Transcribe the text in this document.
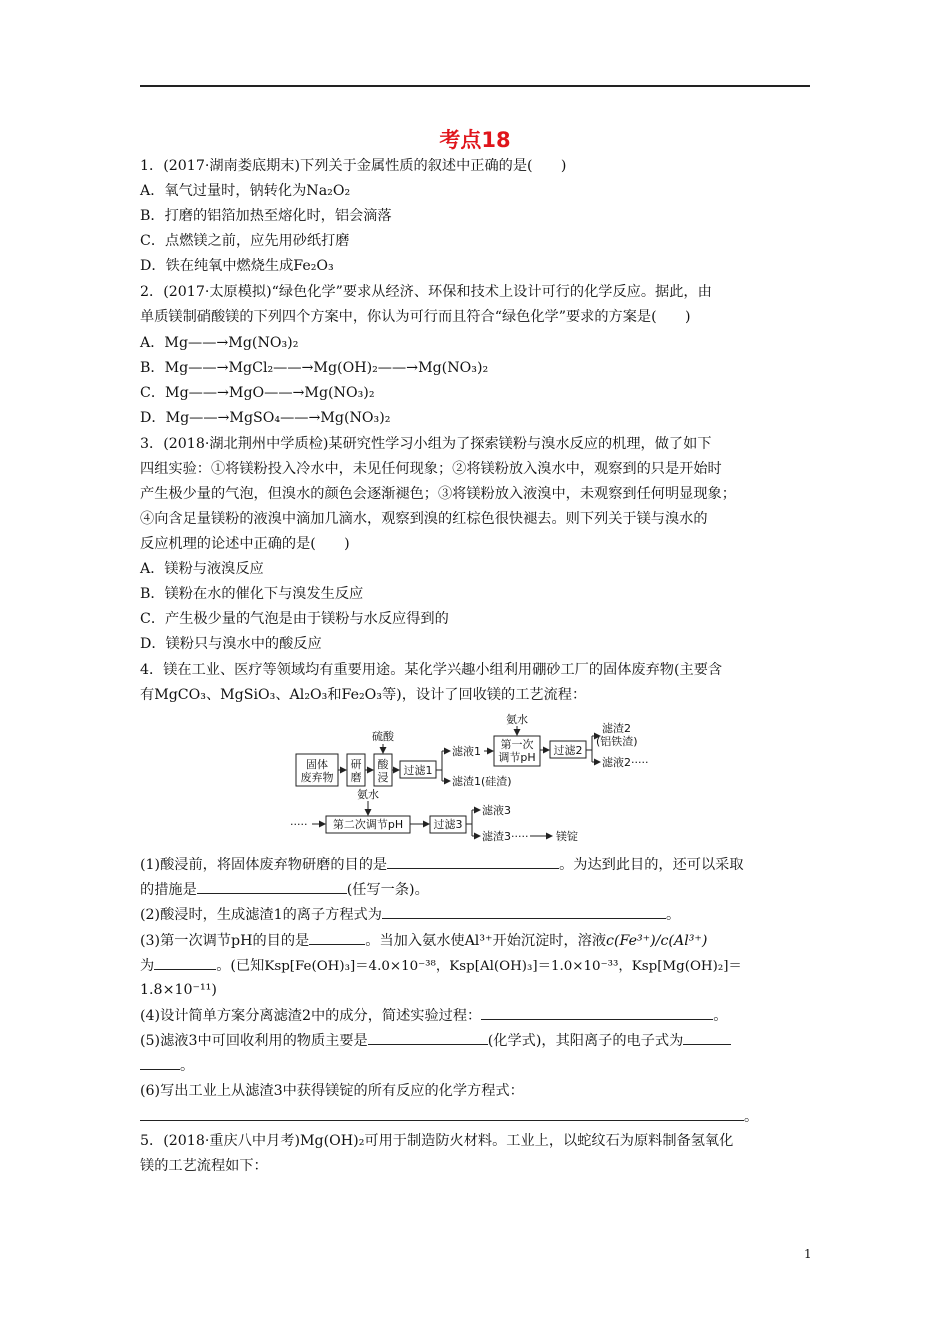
考点18
1．(2017·湖南娄底期末)下列关于金属性质的叙述中正确的是(　　)
A．氧气过量时，钠转化为Na₂O₂
B．打磨的铝箔加热至熔化时，铝会滴落
C．点燃镁之前，应先用砂纸打磨
D．铁在纯氧中燃烧生成Fe₂O₃
2．(2017·太原模拟)“绿色化学”要求从经济、环保和技术上设计可行的化学反应。据此，由
单质镁制硝酸镁的下列四个方案中，你认为可行而且符合“绿色化学”要求的方案是(　　)
A．Mg——→Mg(NO₃)₂
B．Mg——→MgCl₂——→Mg(OH)₂——→Mg(NO₃)₂
C．Mg——→MgO——→Mg(NO₃)₂
D．Mg——→MgSO₄——→Mg(NO₃)₂
3．(2018·湖北荆州中学质检)某研究性学习小组为了探索镁粉与溴水反应的机理，做了如下
四组实验：①将镁粉投入冷水中，未见任何现象；②将镁粉放入溴水中，观察到的只是开始时
产生极少量的气泡，但溴水的颜色会逐渐褪色；③将镁粉放入液溴中，未观察到任何明显现象；
④向含足量镁粉的液溴中滴加几滴水，观察到溴的红棕色很快褪去。则下列关于镁与溴水的
反应机理的论述中正确的是(　　)
A．镁粉与液溴反应
B．镁粉在水的催化下与溴发生反应
C．产生极少量的气泡是由于镁粉与水反应得到的
D．镁粉只与溴水中的酸反应
4．镁在工业、医疗等领域均有重要用途。某化学兴趣小组利用硼砂工厂的固体废弃物(主要含
有MgCO₃、MgSiO₃、Al₂O₃和Fe₂O₃等)，设计了回收镁的工艺流程：
固体
废弃物
研
磨
酸
浸
硫酸
过滤1
滤液1
滤渣1(硅渣)
氨水
第一次
调节pH
过滤2
滤渣2
(铝铁渣)
滤液2·····
氨水
····· 第二次调节pH	过滤3
滤液3
滤渣3·····	镁锭
(1)酸浸前，将固体废弃物研磨的目的是	。为达到此目的，还可以采取
的措施是	(任写一条)。
(2)酸浸时，生成滤渣1的离子方程式为	。
(3)第一次调节pH的目的是	。当加入氨水使Al³⁺开始沉淀时，溶液c(Fe³⁺)/c(Al³⁺)
为	。(已知Ksp[Fe(OH)₃]＝4.0×10⁻³⁸，Ksp[Al(OH)₃]＝1.0×10⁻³³，Ksp[Mg(OH)₂]＝
1.8×10⁻¹¹)
(4)设计简单方案分离滤渣2中的成分，简述实验过程：	。
(5)滤液3中可回收利用的物质主要是	(化学式)，其阳离子的电子式为
。
(6)写出工业上从滤渣3中获得镁锭的所有反应的化学方程式：
。
5．(2018·重庆八中月考)Mg(OH)₂可用于制造防火材料。工业上，以蛇纹石为原料制备氢氧化
镁的工艺流程如下：
1
